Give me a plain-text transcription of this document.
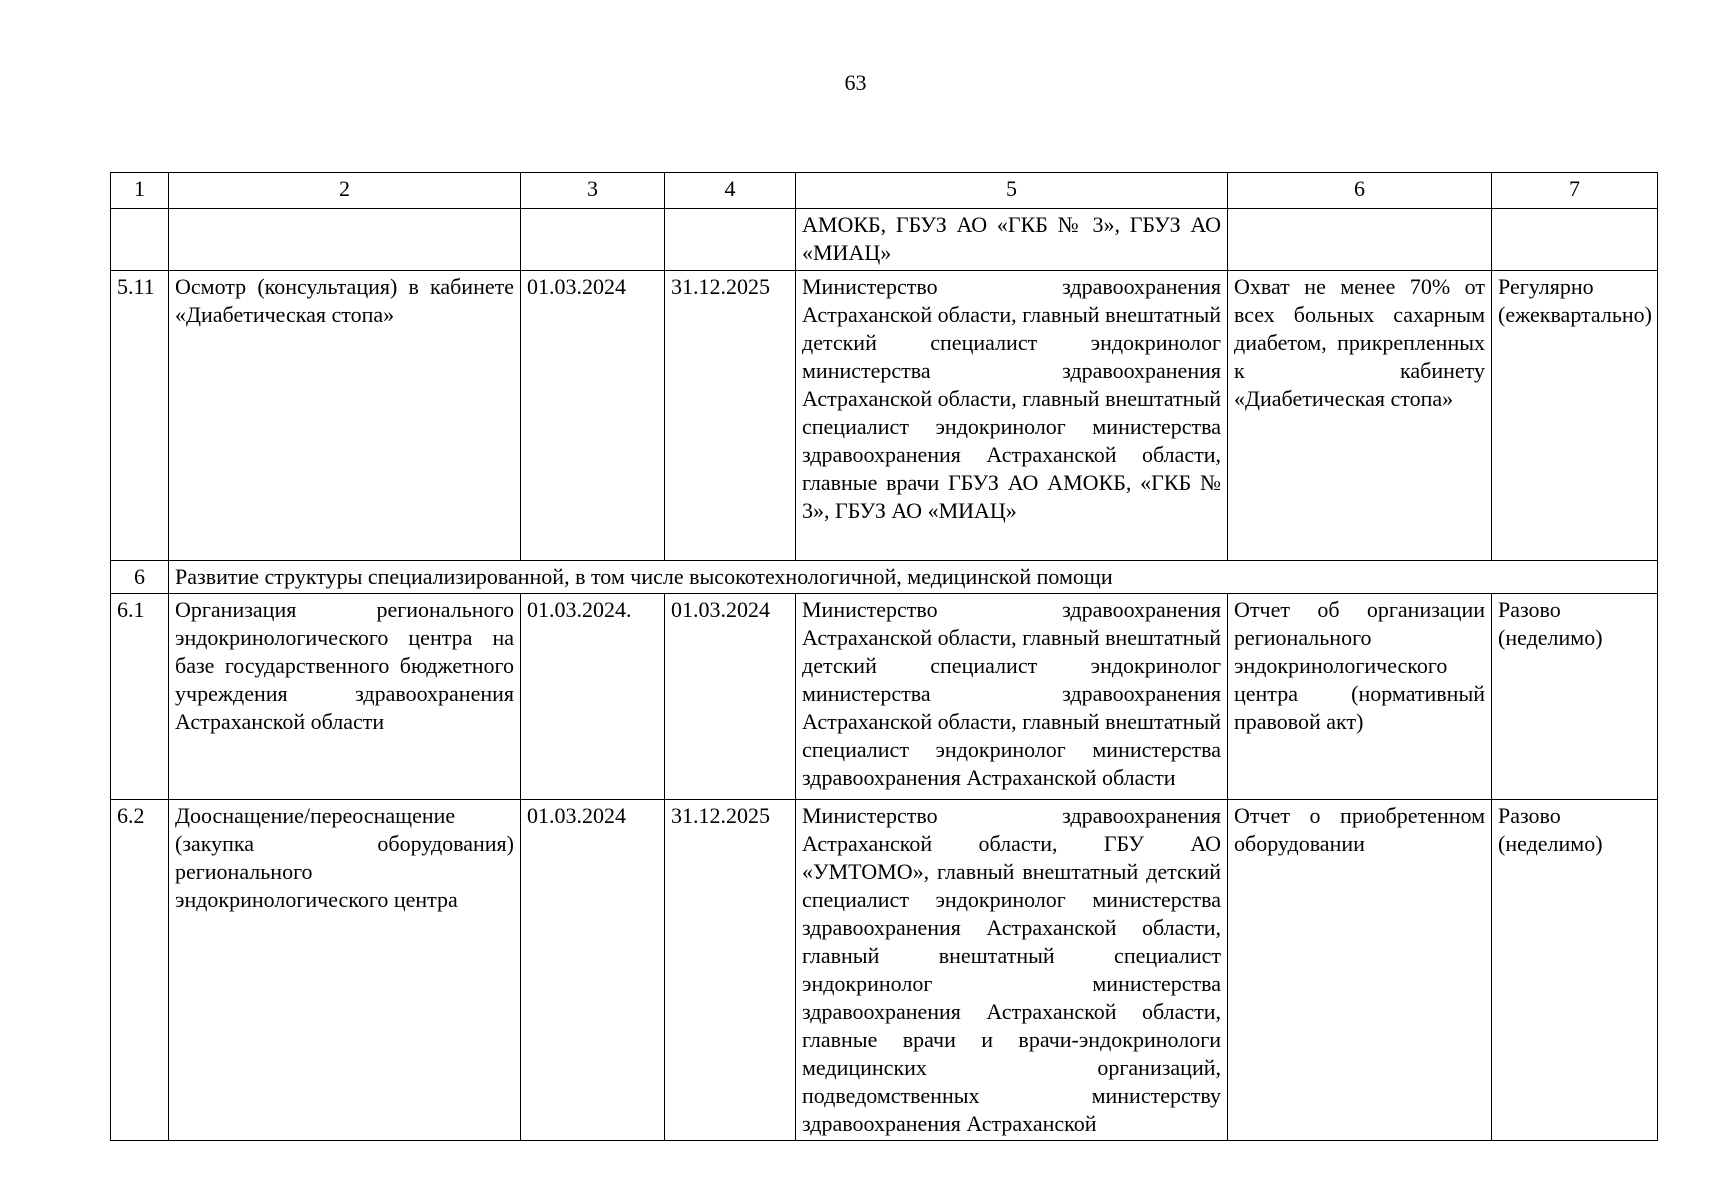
63
1	2	3	4	5	6	7
				АМОКБ, ГБУЗ АО «ГКБ № 3», ГБУЗ АО «МИАЦ»		
5.11	Осмотр (консультация) в кабинете «Диабетическая стопа»	01.03.2024	31.12.2025	Министерство здравоохранения Астраханской области, главный внештатный детский специалист эндокринолог министерства здравоохранения Астраханской области, главный внештатный специалист эндокринолог министерства здравоохранения Астраханской области, главные врачи ГБУЗ АО АМОКБ, «ГКБ № 3», ГБУЗ АО «МИАЦ»	Охват не менее 70% от всех больных сахарным диабетом, прикрепленных к кабинету «Диабетическая стопа»	Регулярно (ежеквартально)
6	Развитие структуры специализированной, в том числе высокотехнологичной, медицинской помощи					
6.1	Организация регионального эндокринологического центра на базе государственного бюджетного учреждения здравоохранения Астраханской области	01.03.2024.	01.03.2024	Министерство здравоохранения Астраханской области, главный внештатный детский специалист эндокринолог министерства здравоохранения Астраханской области, главный внештатный специалист эндокринолог министерства здравоохранения Астраханской области	Отчет об организации регионального эндокринологического центра (нормативный правовой акт)	Разово (неделимо)
6.2	Дооснащение/переоснащение (закупка оборудования) регионального эндокринологического центра	01.03.2024	31.12.2025	Министерство здравоохранения Астраханской области, ГБУ АО «УМТОМО», главный внештатный детский специалист эндокринолог министерства здравоохранения Астраханской области, главный внештатный специалист эндокринолог министерства здравоохранения Астраханской области, главные врачи и врачи-эндокринологи медицинских организаций, подведомственных министерству здравоохранения Астраханской	Отчет о приобретенном оборудовании	Разово (неделимо)
